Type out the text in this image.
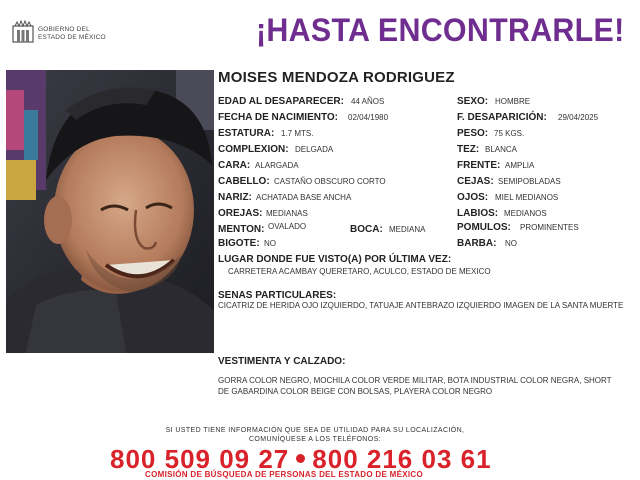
GOBIERNO DEL
ESTADO DE MÉXICO	¡HASTA ENCONTRARLE!
MOISES MENDOZA RODRIGUEZ
EDAD AL DESAPARECER: 44 AÑOS	SEXO: HOMBRE
FECHA DE NACIMIENTO: 02/04/1980	F. DESAPARICIÓN: 29/04/2025
ESTATURA: 1.7 MTS.	PESO: 75 KGS.
COMPLEXION: DELGADA	TEZ: BLANCA
CARA: ALARGADA	FRENTE: AMPLIA
CABELLO: CASTAÑO OBSCURO CORTO	CEJAS: SEMIPOBLADAS
NARIZ: ACHATADA BASE ANCHA	OJOS: MIEL MEDIANOS
OREJAS: MEDIANAS	LABIOS: MEDIANOS
MENTON: OVALADO	BOCA: MEDIANA	POMULOS: PROMINENTES
BIGOTE: NO	BARBA: NO
LUGAR DONDE FUE VISTO(A) POR ÚLTIMA VEZ:
CARRETERA ACAMBAY QUERETARO, ACULCO, ESTADO DE MEXICO
SENAS PARTICULARES:
CICATRIZ DE HERIDA OJO IZQUIERDO, TATUAJE ANTEBRAZO IZQUIERDO IMAGEN DE LA SANTA MUERTE
VESTIMENTA Y CALZADO:
GORRA COLOR NEGRO, MOCHILA COLOR VERDE MILITAR, BOTA INDUSTRIAL COLOR NEGRA, SHORT DE GABARDINA COLOR BEIGE CON BOLSAS, PLAYERA COLOR NEGRO
SI USTED TIENE INFORMACIÓN QUE SEA DE UTILIDAD PARA SU LOCALIZACIÓN,
COMUNÍQUESE A LOS TELÉFONOS:
800 509 09 27 800 216 03 61
COMISIÓN DE BÚSQUEDA DE PERSONAS DEL ESTADO DE MÉXICO
